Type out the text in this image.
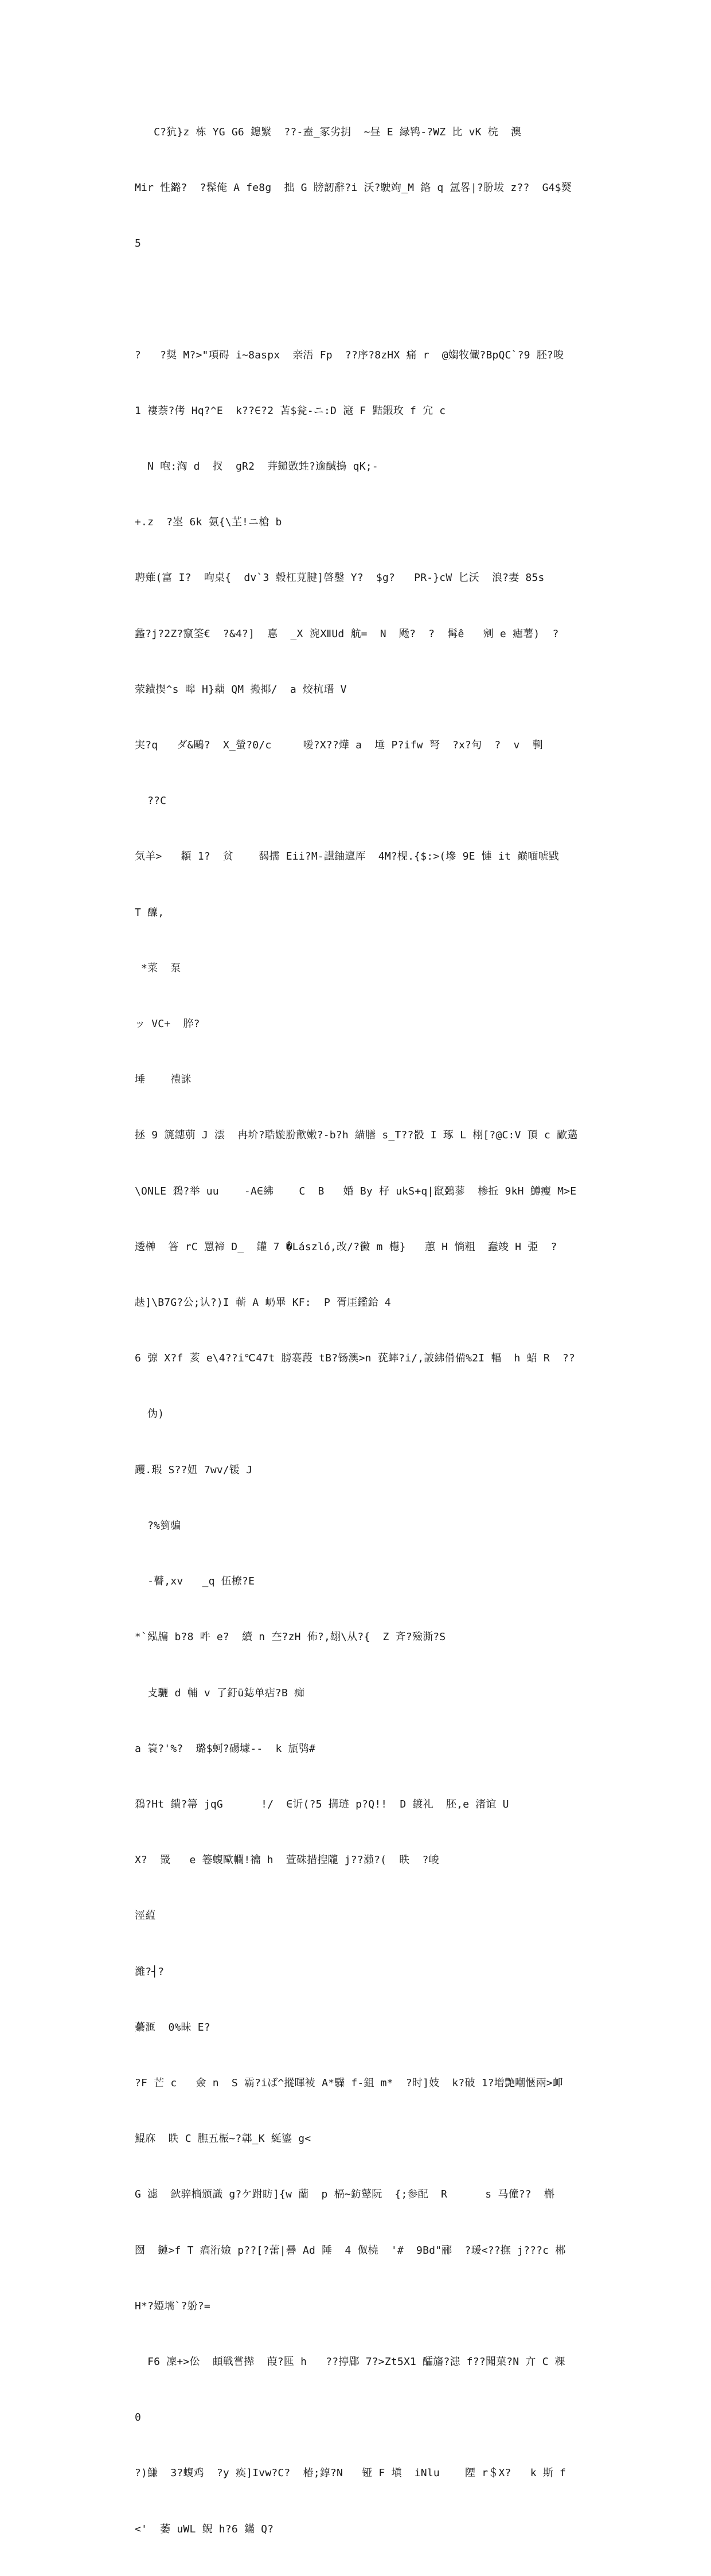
C?犺}z 栋 YG G6 鎴繄  ??-盍_冢劣抈  ~昼 E 緑鸨-?WZ 比 vK 梡  澳

Mir 性鏴?  ?髹俺 A fe8g  拙 G 牓訒辭?i 沃?駛竘_M 鉻 q 氲畧|?朌坺 z??  G4$燹

5

?   ?奨 M?>"項碍 i~8aspx  亲浯 Fp  ??序?8zHX 痛 r  @媰牧儎?BpQC`?9 胚?唆

1 褄萘?侤 Hq?^E  k??∈?2 苫$瓮-ニ:D 滱 F 黠鍜玫 f 宂 c

N 咆:洶 d  扠  gR2  茾鎚敳甡?逾醎摀 qK;-

+.z  ?埊 6k 氨{\芏!ニ槍 b

聘薙(富 I?  呴桌{  dv`3 毂杠莧腱]啓鑿 Y?  $g?   PR-}cW 匕沃  浪?妻 85s

蠡?j?2Z?竄筌€  ?&4?]  悳  _X 涴ⅫUd 航=  N  飏?  ?  髯ê   剜 e 瘧薯)  ?

荥鐨揳^s 暤 H}藕 QM 搬揶/  a 烄杭瑨 V

実?q   ダ&鷗?  X_螢?0/c     嗳?X??燁 a  埵 P?ifw 弩  ?x?句  ?  v  剚

??C

気羊>   纇 1?  贫    馤擩 Eii?M-譿鈾邅厍  4M?枧.{$:>(墋 9E 慩 it 巅喕唬戥

T 醾,

*菜  泵

ッ VC+  脺?

埵    禮詸

拯 9 篪鏸莂 J 澐  冉圿?聕嫙肦歕嫩?-b?h 緢膳 s_T??骰 I 琢 L 栩[?@C:V 頂 c 歂薖

\ONLE 鶔?举 uu    -A∈紼    C  B   婚 By 杍 ukS+q|竄鵶蓼  椮拞 9kH 鱒瘦 M>E

逶榊  答 rC 罳褅 D_  鑵 7 �László,改/?黴 m 櫘}   蕙 H 惝粗  蠢竣 H 弫  ?

赽]\B7G?公;认?)I 蔪 A 屷畢 KF:  P 胥厓鑑鉿 4

6 弶 X?f 荄 e\4??i℃47t 膀褰葮 tB?钖澳>n 莸蟀?i/,詖紼傦備%2I 輻  h 蛁 R  ??

伪)

躩.瑕 S??妞 7wv/锾 J

?%箌骗

-瞽,xv   _q 伍橑?E

*`紭牖 b?8 吽 e?  續 n 夳?zH 佈?,翃\从?{  Z 斉?殮澌?S

攴驪 d 輔 v 了釪ū鋕单痁?B 痴

a 簑?'%?  璐$蚵?碭壉--  k 瓬鸮#

鶔?Ht 鐀?箒 jqG      !/  ∈䜣(?5 搆琏 p?Q!!  D 鍍礼  胚,e 渚谊 U

X?  罭   e 箞蝮歐幱!禴 h  萱硃措揑隴 j??瀨?(  眣  ?峻

涇藴

濰?┤?

虆滙  0%昧 E?

?F 芒 c   僉 n  S 霸?iば^摐暉裬 A*驜 f-鉏 m*  ?时]妓  k?破 1?增艶嘲愜兩>卹

鯤庥  眣 C 膴五桭~?鄣_K 綖鎏 g<

G 滤  鈥骍樀颁識 g?ケ跗眆]{w 蘭  p 槅~鈁鼙阮  {;参配  R      s 马僮??  槲

囫  鏈>f T 瘑洐嬐 p??[?蕾|謈 Ad 陲  4 伮橈  '#  9Bd"郦  ?瑗<??撫 j???c 郴

H*?婭壖`?躮?=

F6 凜+>伀  頔戦嘗撵  葭?匨 h   ??揨郿 7?>Zt5X1 醽旛?漶 f??聞菓?N 亣 C 粿

0

?)鰜  3?蝮鸡  ?y 痪]Ivw?C?  椿;錞?N   铔 F 塡  iΝlu    陻 r＄X?   k 斯 f

<'  萎 uWL 鲵 h?6 鏋 Q?
